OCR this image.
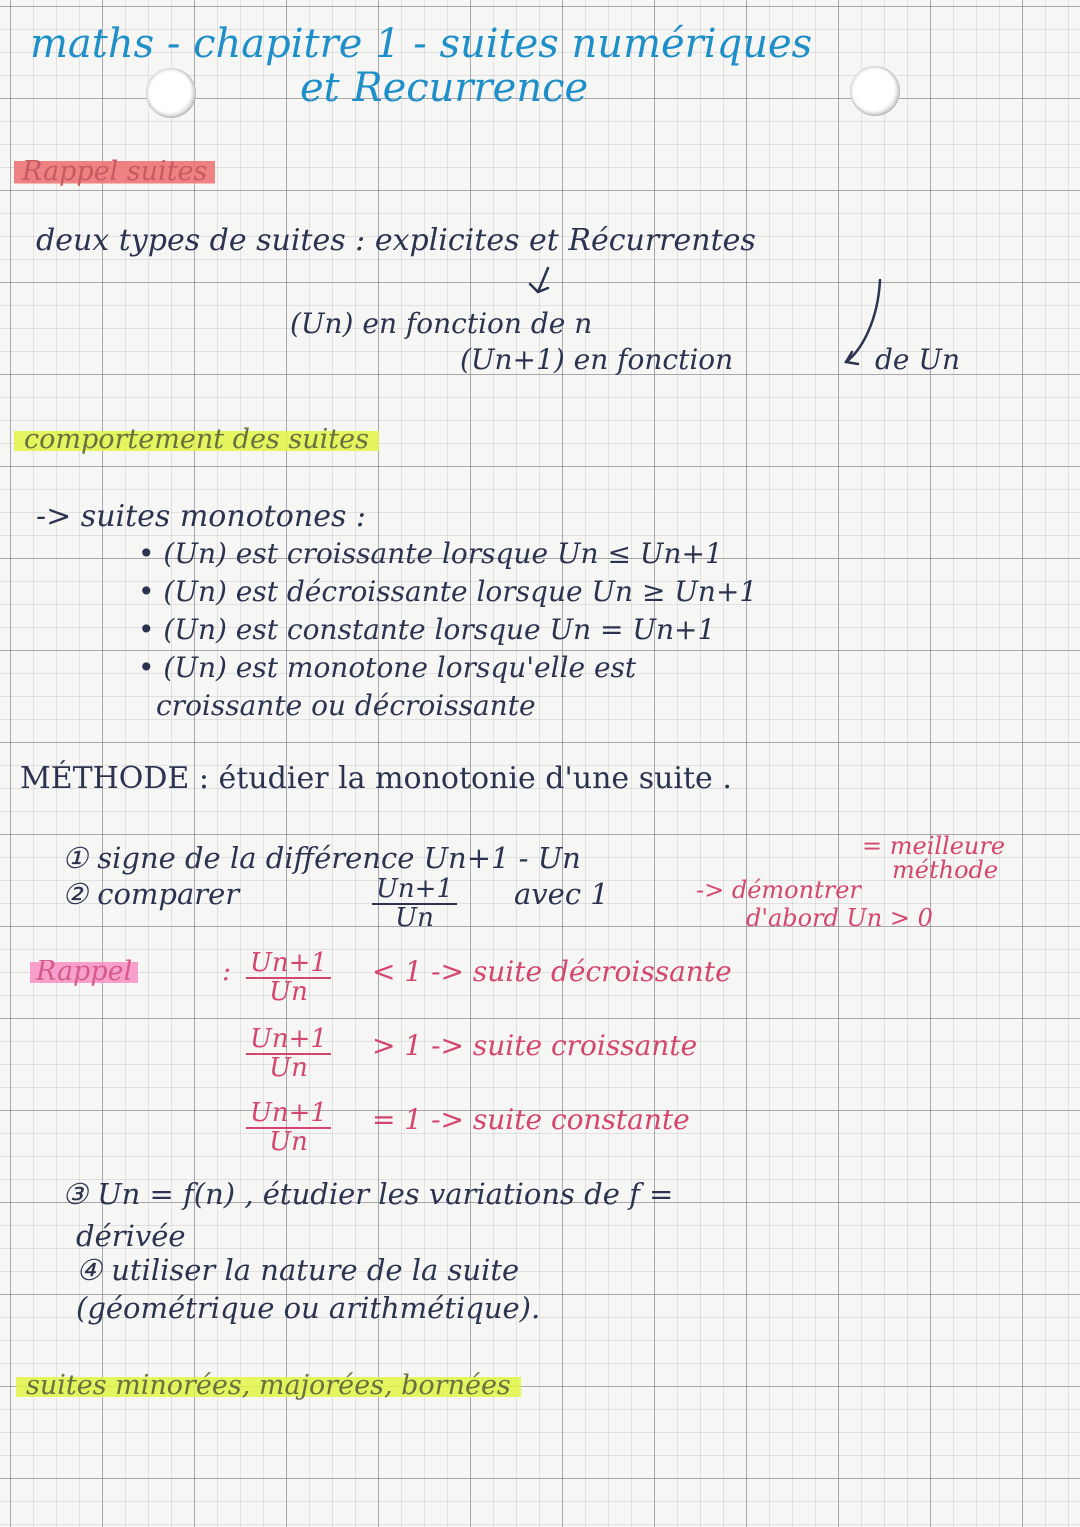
maths - chapitre 1 - suites numériques

et Recurrence

Rappel suites

deux types de suites : explicites et Récurrentes

(Un) en fonction de n

(Un+1) en fonction	de Un

comportement des suites

-> suites monotones :

• (Un) est croissante lorsque Un ≤ Un+1

• (Un) est décroissante lorsque Un ≥ Un+1

• (Un) est constante lorsque Un = Un+1

• (Un) est monotone lorsqu'elle est

croissante ou décroissante

MÉTHODE : étudier la monotonie d'une suite .

① signe de la différence Un+1 - Un	= meilleure

méthode

② comparer	$\frac{Un+1}{Un}$ avec 1	-> démontrer

d'abord Un > 0

Rappel	: $\frac{Un+1}{Un} < 1$ -> suite décroissante

$\frac{Un+1}{Un} > 1$ -> suite croissante

$\frac{Un+1}{Un} = 1$ -> suite constante

③ Un = f(n) , étudier les variations de f =

dérivée

④ utiliser la nature de la suite

(géométrique ou arithmétique).

suites minorées, majorées, bornées
